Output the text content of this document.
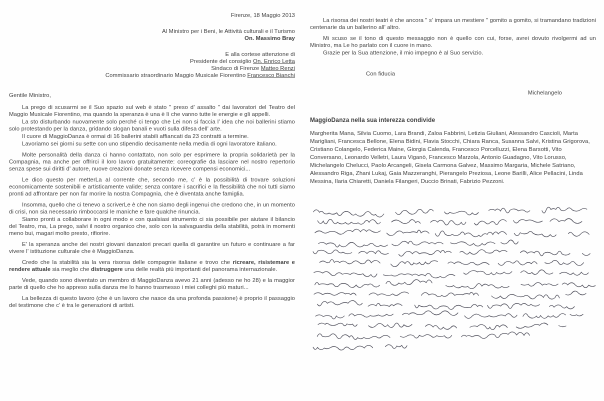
Firenze, 18 Maggio 2013
Al Ministro per i Beni, le Attività culturali e il Turismo
On. Massimo Bray
E alla cortese attenzione di
Presidente del consiglio On. Enrico Letta
Sindaco di Firenze Matteo Renzi
Commissario straordinario Maggio Musicale Fiorentino Francesco Bianchi
Gentile Ministro,

La prego di scusarmi se il Suo spazio sul web è stato " preso d' assalto " dai lavoratori del Teatro del Maggio Musicale Fiorentino, ma quando la speranza è una è lì che vanno tutte le energie e gli appelli.

La sto disturbando nuovamente solo perché ci tengo che Lei non si faccia l' idea che noi ballerini stiamo solo protestando per la danza, gridando slogan banali e vuoti sulla difesa dell' arte.

Il cuore di MaggioDanza è ormai di 16 ballerini stabili affiancati da 23 contratti a termine.

Lavoriamo sei giorni su sette con uno stipendio decisamente nella media di ogni lavoratore italiano.

Molte personalità della danza ci hanno contattato, non solo per esprimere la propria solidarietà per la Compagnia, ma anche per offrirci il loro lavoro gratuitamente: coreografie da lasciare nel nostro repertorio senza spese sui diritti d' autore, nuove creazioni donate senza ricevere compensi economici...

Le dico questo per metterLa al corrente che, secondo me, c' è la possibilità di trovare soluzioni economicamente sostenibili e artisticamente valide; senza contare i sacrifici e la flessibilità che noi tutti siamo pronti ad affrontare per non far morire la nostra Compagnia, che è diventata anche famiglia.

Insomma, quello che ci tenevo a scriverLe è che non siamo degli ingenui che credono che, in un momento di crisi, non sia necessario rimboccarsi le maniche e fare qualche rinuncia.

Siamo pronti a collaborare in ogni modo e con qualsiasi strumento ci sia possibile per aiutare il bilancio del Teatro, ma, La prego, salvi il nostro organico che, solo con la salvaguardia della stabilità, potrà in momenti meno bui, magari molto presto, rifiorire.

E' la speranza anche dei nostri giovani danzatori precari quella di garantire un futuro e continuare a far vivere l' istituzione culturale che è MaggioDanza.

Credo che la stabilità sia la vera risorsa delle compagnie italiane e trovo che ricreare, risistemare e rendere attuale sia meglio che distruggere una delle realtà più importanti del panorama internazionale.

Vede, quando sono diventato un membro di MaggioDanza avevo 21 anni (adesso ne ho 28) e la maggior parte di quello che ho appreso sulla danza me lo hanno trasmesso i miei colleghi più maturi...

La bellezza di questo lavoro (che è un lavoro che nasce da una profonda passione) è proprio il passaggio del testimone che c' è tra le generazioni di artisti.

La risorsa dei nostri teatri è che ancora " s' impara un mestiere " gomito a gomito, si tramandano tradizioni centenarie da un ballerino all' altro.

Mi scuso se il tono di questo messaggio non è quello con cui, forse, avrei dovuto rivolgermi ad un Ministro, ma Le ho parlato con il cuore in mano.

Grazie per la Sua attenzione, il mio impegno è al Suo servizio.

Con fiducia
Michelangelo
MaggioDanza nella sua interezza condivide
Margherita Mana, Silvia Cuomo, Lara Brandi, Zaloa Fabbrini, Letizia Giuliani, Alessandro Cascioli, Marta Marigliani, Francesca Bellone, Elena Bidini, Flavia Stocchi, Chiara Ranca, Susanna Salvi, Kristina Grigorova, Cristiano Colangelo, Federica Maine, Giorgia Calenda, Francesco Porcelluzzi, Elena Barsotti, Vito Conversano, Leonardo Velletri, Laura Viganò, Francesco Marzola, Antonio Guadagno, Vito Lorusso, Michelangelo Chelucci, Paolo Arcangeli, Gisela Carmona Galvez, Massimo Margaria, Michele Satriano, Alessandro Riga, Zhani Lukaj, Gaia Mazzeranghi, Pierangelo Preziosa, Leone Barilli, Alice Pellacini, Linda Messina, Ilaria Chiaretti, Daniela Filangeri, Duccio Brinati, Fabrizio Pezzoni.
